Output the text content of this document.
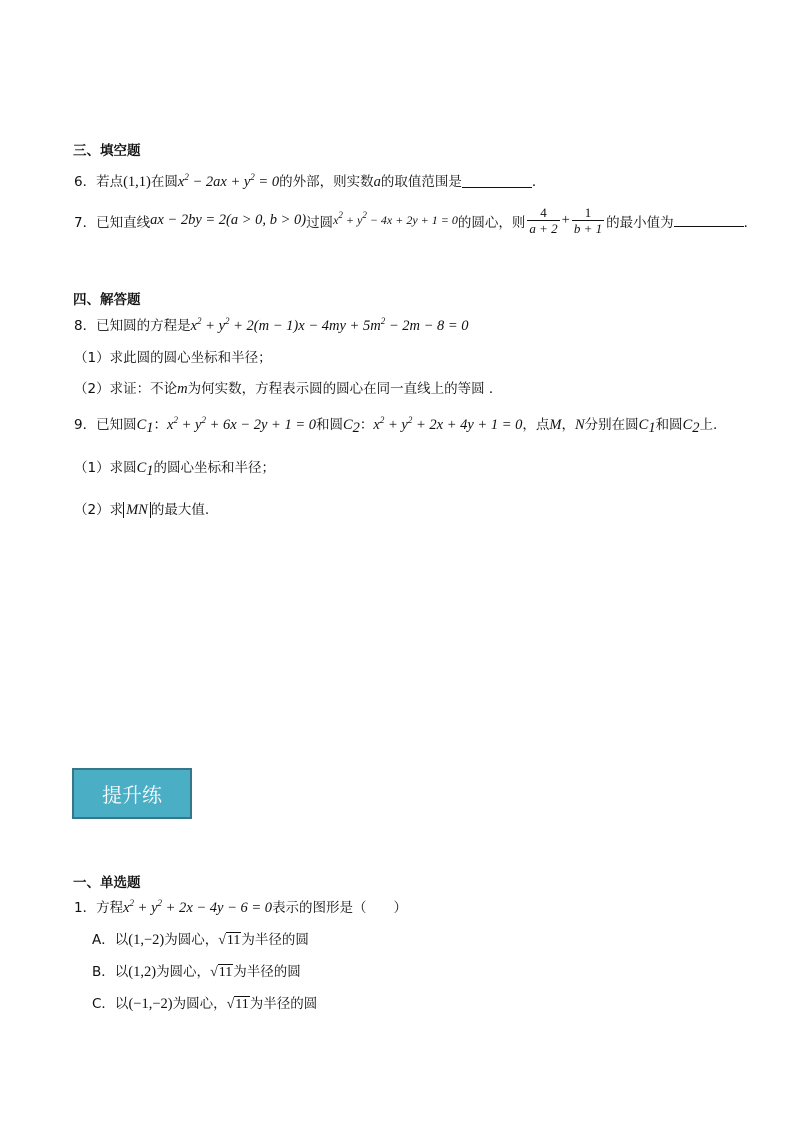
三、填空题
6．若点(1,1)在圆$x^2 - 2ax + y^2 = 0$的外部，则实数a的取值范围是	．
7．已知直线 ax − 2by = 2(a > 0, b > 0) 过圆 $x^2 + y^2 - 4x + 2y + 1 = 0$ 的圆心，则 $\frac{4}{a + 2} + \frac{1}{b + 1}$ 的最小值为	．
四、解答题
8．已知圆的方程是$x^2 + y^2 + 2(m - 1)x - 4my + 5m^2 - 2m - 8 = 0$
（1）求此圆的圆心坐标和半径；
（2）求证：不论m为何实数，方程表示圆的圆心在同一直线上的等圆 ．
9．已知圆$C_1$：$x^2 + y^2 + 6x - 2y + 1 = 0$和圆$C_2$：$x^2 + y^2 + 2x + 4y + 1 = 0$，点M，N分别在圆$C_1$和圆$C_2$上.
（1）求圆$C_1$的圆心坐标和半径；
（2）求 MN 的最大值.
提升练
一、单选题
1．方程$x^2 + y^2 + 2x - 4y - 6 = 0$表示的图形是（　　）
A．以(1,−2)为圆心，√11为半径的圆
B．以(1,2)为圆心，√11为半径的圆
C．以(−1,−2)为圆心，√11为半径的圆
